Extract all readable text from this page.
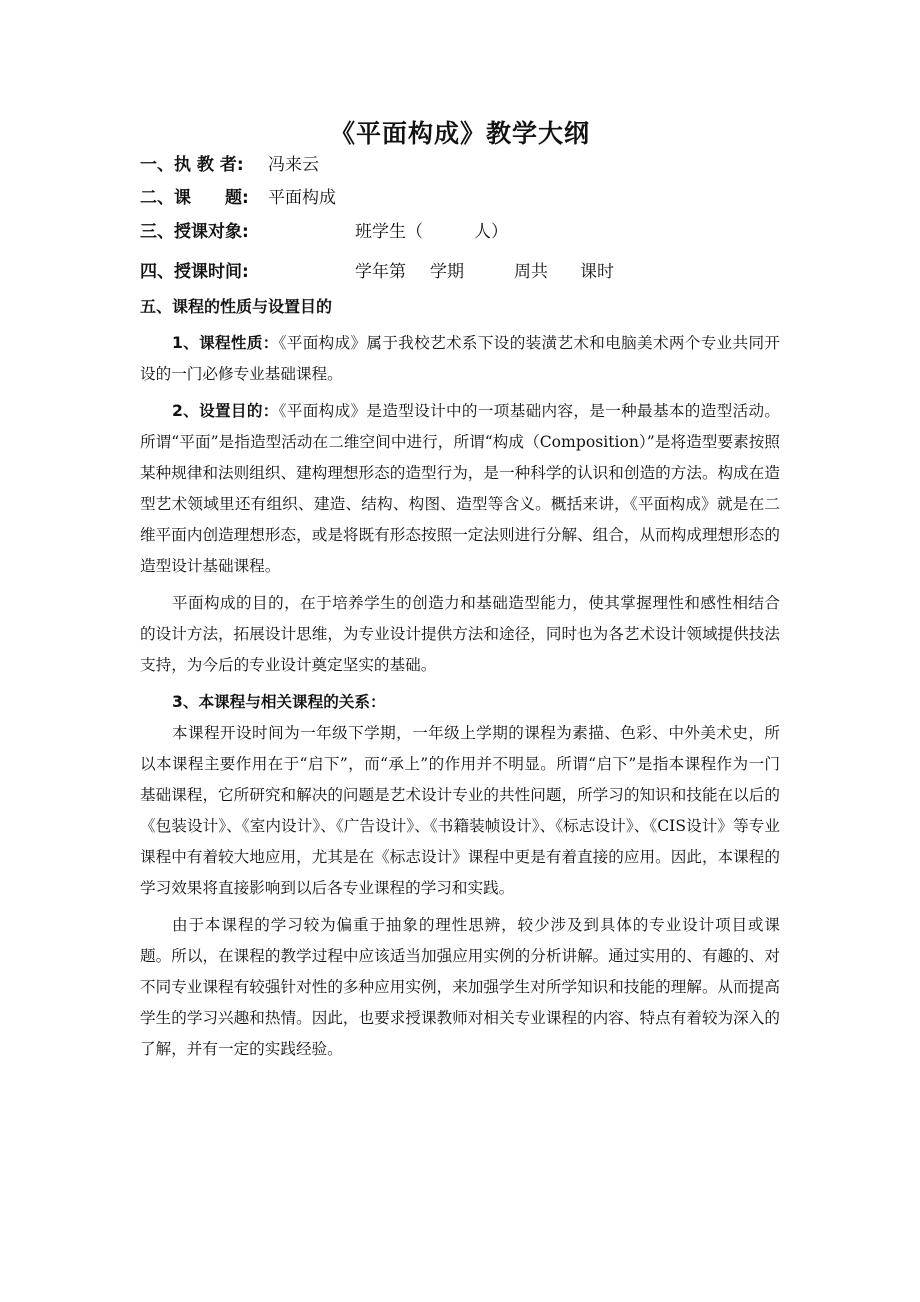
《平面构成》教学大纲
一、执 教 者: 冯来云
二、课　　题: 平面构成
三、授课对象:	班学生（　　　人）
四、授课时间:	学年第 学期	周共 课时
五、课程的性质与设置目的

1、课程性质：《平面构成》属于我校艺术系下设的装潢艺术和电脑美术两个专业共同开设的一门必修专业基础课程。

2、设置目的：《平面构成》是造型设计中的一项基础内容，是一种最基本的造型活动。所谓“平面”是指造型活动在二维空间中进行，所谓“构成（Composition）”是将造型要素按照某种规律和法则组织、建构理想形态的造型行为，是一种科学的认识和创造的方法。构成在造型艺术领域里还有组织、建造、结构、构图、造型等含义。概括来讲，《平面构成》就是在二维平面内创造理想形态，或是将既有形态按照一定法则进行分解、组合，从而构成理想形态的造型设计基础课程。

平面构成的目的，在于培养学生的创造力和基础造型能力，使其掌握理性和感性相结合的设计方法，拓展设计思维，为专业设计提供方法和途径，同时也为各艺术设计领域提供技法支持，为今后的专业设计奠定坚实的基础。

3、本课程与相关课程的关系：

本课程开设时间为一年级下学期，一年级上学期的课程为素描、色彩、中外美术史，所以本课程主要作用在于“启下”，而“承上”的作用并不明显。所谓“启下”是指本课程作为一门基础课程，它所研究和解决的问题是艺术设计专业的共性问题，所学习的知识和技能在以后的《包装设计》、《室内设计》、《广告设计》、《书籍装帧设计》、《标志设计》、《CIS设计》等专业课程中有着较大地应用，尤其是在《标志设计》课程中更是有着直接的应用。因此，本课程的学习效果将直接影响到以后各专业课程的学习和实践。

由于本课程的学习较为偏重于抽象的理性思辨，较少涉及到具体的专业设计项目或课题。所以，在课程的教学过程中应该适当加强应用实例的分析讲解。通过实用的、有趣的、对不同专业课程有较强针对性的多种应用实例，来加强学生对所学知识和技能的理解。从而提高学生的学习兴趣和热情。因此，也要求授课教师对相关专业课程的内容、特点有着较为深入的了解，并有一定的实践经验。
